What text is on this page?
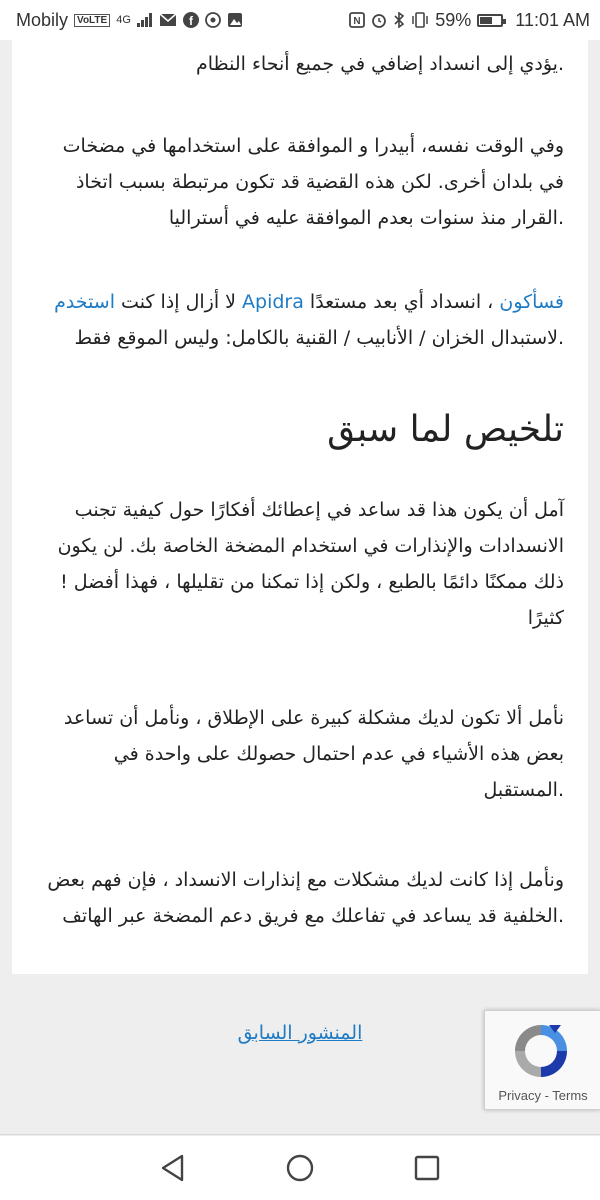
Mobily VoLTE 4G	f	N	59% 11:01 AM

.يؤدي إلى انسداد إضافي في جميع أنحاء النظام

وفي الوقت نفسه، أبيدرا و الموافقة على استخدامها في مضخات في بلدان أخرى. لكن هذه القضية قد تكون مرتبطة بسبب اتخاذ .القرار منذ سنوات بعدم الموافقة عليه في أستراليا

فسأكون ، انسداد أي بعد مستعدًا Apidra لا أزال إذا كنت استخدم
.لاستبدال الخزان / الأنابيب / القنية بالكامل: وليس الموقع فقط

تلخيص لما سبق

آمل أن يكون هذا قد ساعد في إعطائك أفكارًا حول كيفية تجنب الانسدادات والإنذارات في استخدام المضخة الخاصة بك. لن يكون ذلك ممكنًا دائمًا بالطبع ، ولكن إذا تمكنا من تقليلها ، فهذا أفضل !كثيرًا

نأمل ألا تكون لديك مشكلة كبيرة على الإطلاق ، ونأمل أن تساعد بعض هذه الأشياء في عدم احتمال حصولك على واحدة في .المستقبل

ونأمل إذا كانت لديك مشكلات مع إنذارات الانسداد ، فإن فهم بعض .الخلفية قد يساعد في تفاعلك مع فريق دعم المضخة عبر الهاتف

المنشور السابق
Privacy - Terms
